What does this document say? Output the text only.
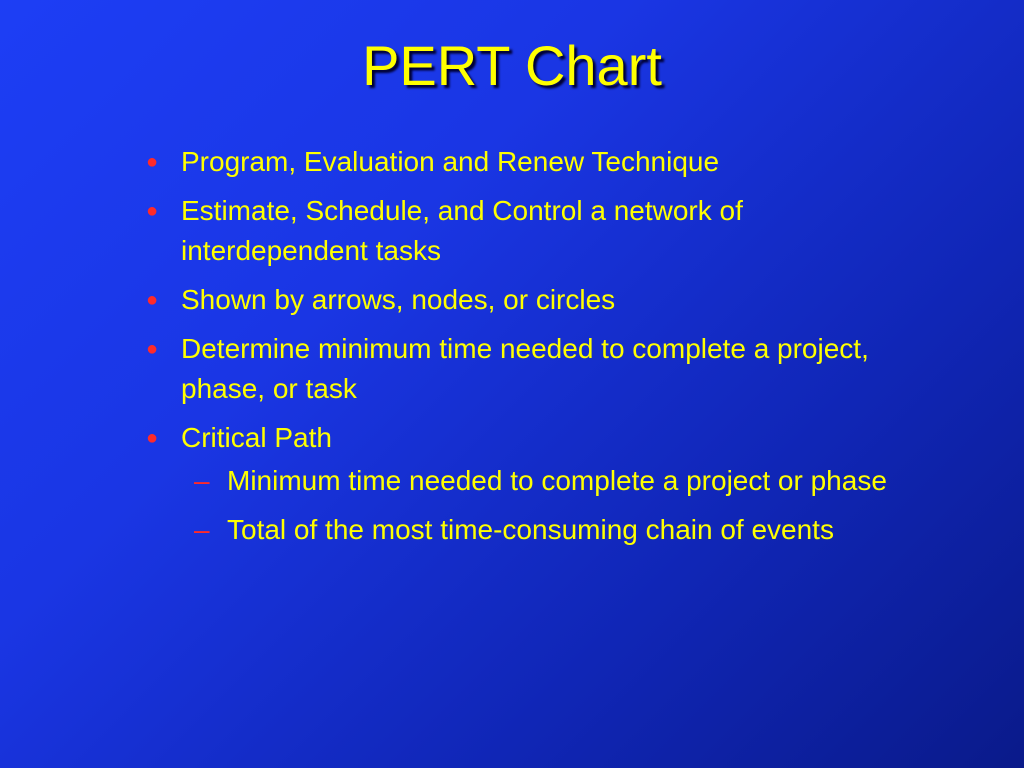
PERT Chart
● Program, Evaluation and Renew Technique
● Estimate, Schedule, and Control a network of interdependent tasks
● Shown by arrows, nodes, or circles
● Determine minimum time needed to complete a project, phase, or task
● Critical Path
– Minimum time needed to complete a project or phase
– Total of the most time-consuming chain of events
